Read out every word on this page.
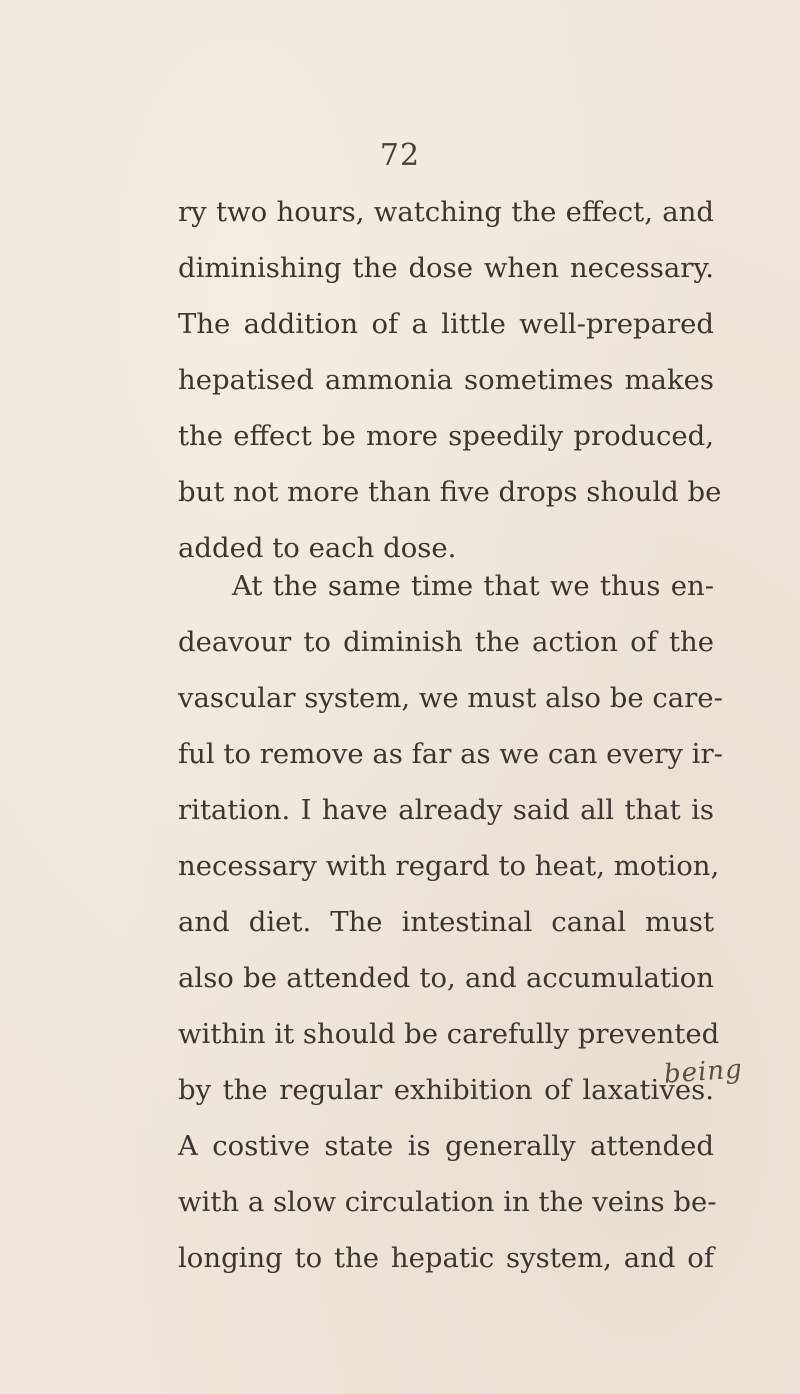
72
ry two hours, watching the effect, and
diminishing the dose when necessary.
The addition of a little well-prepared
hepatised ammonia sometimes makes
the effect be more speedily produced,
but not more than five drops should be
added to each dose.
At the same time that we thus en-
deavour to diminish the action of the
vascular system, we must also be care-
ful to remove as far as we can every ir-
ritation. I have already said all that is
necessary with regard to heat, motion,
and diet. The intestinal canal must
also be attended to, and accumulation
within it should be carefully prevented
by the regular exhibition of laxatives.
A costive state is generally attended
with a slow circulation in the veins be-
longing to the hepatic system, and of
being
